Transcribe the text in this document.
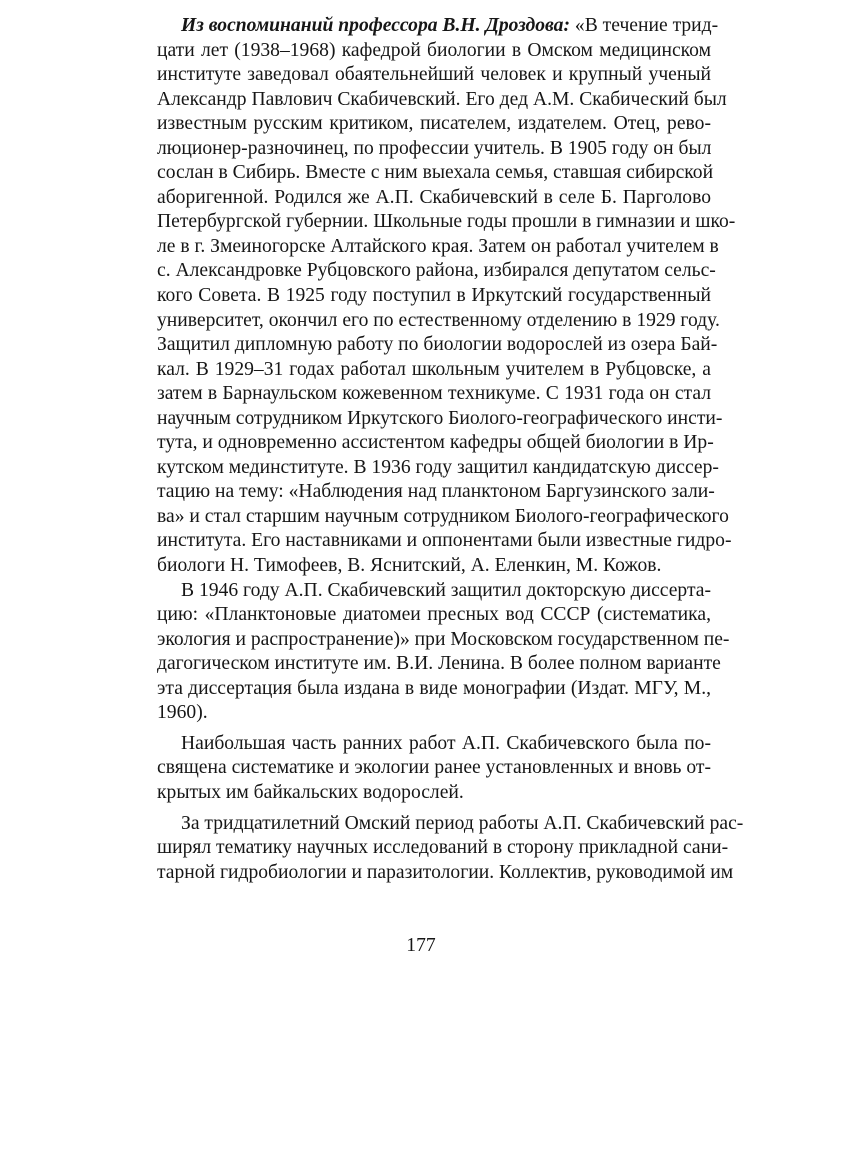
Из воспоминаний профессора В.Н. Дроздова: «В течение трид-
цати лет (1938–1968) кафедрой биологии в Омском медицинском
институте заведовал обаятельнейший человек и крупный ученый
Александр Павлович Скабичевский. Его дед А.М. Скабический был
известным русским критиком, писателем, издателем. Отец, рево-
люционер-разночинец, по профессии учитель. В 1905 году он был
сослан в Сибирь. Вместе с ним выехала семья, ставшая сибирской
аборигенной. Родился же А.П. Скабичевский в селе Б. Парголово
Петербургской губернии. Школьные годы прошли в гимназии и шко-
ле в г. Змеиногорске Алтайского края. Затем он работал учителем в
с. Александровке Рубцовского района, избирался депутатом сельс-
кого Совета. В 1925 году поступил в Иркутский государственный
университет, окончил его по естественному отделению в 1929 году.
Защитил дипломную работу по биологии водорослей из озера Бай-
кал. В 1929–31 годах работал школьным учителем в Рубцовске, а
затем в Барнаульском кожевенном техникуме. С 1931 года он стал
научным сотрудником Иркутского Биолого-географического инсти-
тута, и одновременно ассистентом кафедры общей биологии в Ир-
кутском мединституте. В 1936 году защитил кандидатскую диссер-
тацию на тему: «Наблюдения над планктоном Баргузинского зали-
ва» и стал старшим научным сотрудником Биолого-географического
института. Его наставниками и оппонентами были известные гидро-
биологи Н. Тимофеев, В. Яснитский, А. Еленкин, М. Кожов.
В 1946 году А.П. Скабичевский защитил докторскую диссерта-
цию: «Планктоновые диатомеи пресных вод СССР (систематика,
экология и распространение)» при Московском государственном пе-
дагогическом институте им. В.И. Ленина. В более полном варианте
эта диссертация была издана в виде монографии (Издат. МГУ, М.,
1960).
Наибольшая часть ранних работ А.П. Скабичевского была по-
священа систематике и экологии ранее установленных и вновь от-
крытых им байкальских водорослей.
За тридцатилетний Омский период работы А.П. Скабичевский рас-
ширял тематику научных исследований в сторону прикладной сани-
тарной гидробиологии и паразитологии. Коллектив, руководимой им
177
